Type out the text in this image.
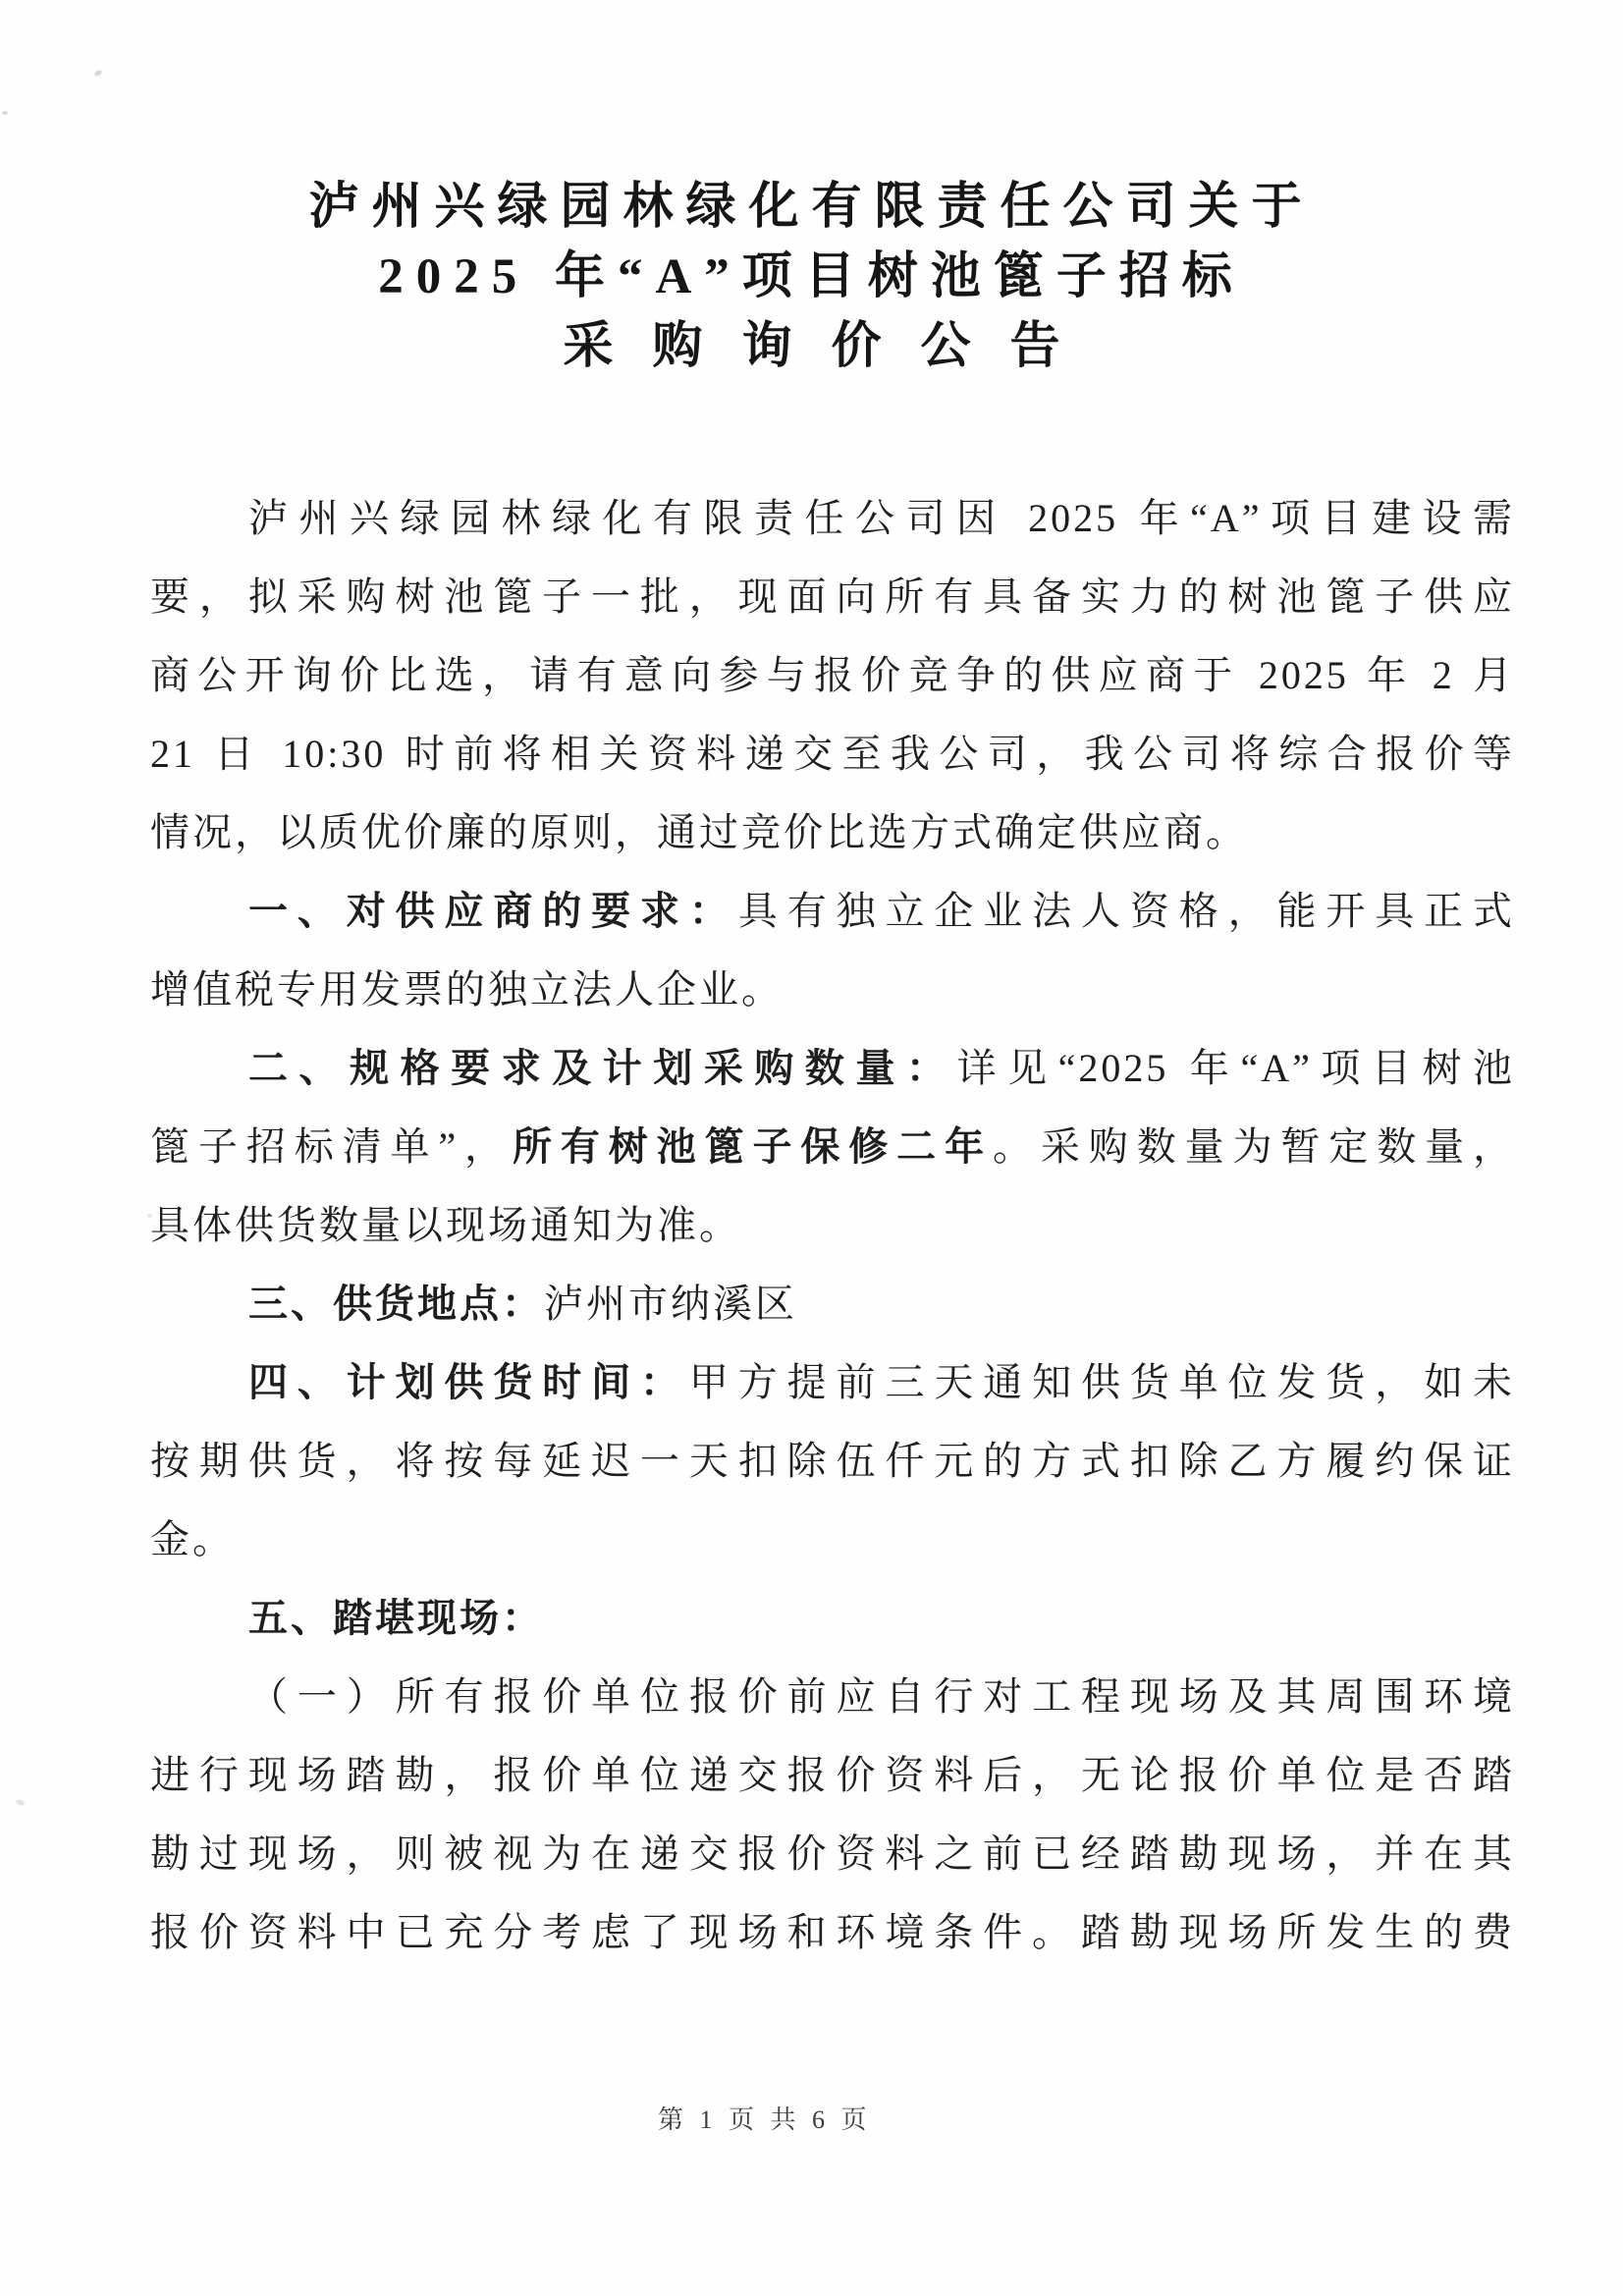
泸州兴绿园林绿化有限责任公司关于
2025 年“A”项目树池篦子招标
采购询价公告
泸州兴绿园林绿化有限责任公司因 2025 年“A”项目建设需
要，拟采购树池篦子一批，现面向所有具备实力的树池篦子供应
商公开询价比选，请有意向参与报价竞争的供应商于 2025 年 2 月
21 日 10:30 时前将相关资料递交至我公司，我公司将综合报价等
情况，以质优价廉的原则，通过竞价比选方式确定供应商。
一、对供应商的要求：具有独立企业法人资格，能开具正式
增值税专用发票的独立法人企业。
二、规格要求及计划采购数量：详见“2025 年“A”项目树池
篦子招标清单”，所有树池篦子保修二年。采购数量为暂定数量，
具体供货数量以现场通知为准。
三、供货地点：泸州市纳溪区
四、计划供货时间：甲方提前三天通知供货单位发货，如未
按期供货，将按每延迟一天扣除伍仟元的方式扣除乙方履约保证
金。
五、踏堪现场：
（一）所有报价单位报价前应自行对工程现场及其周围环境
进行现场踏勘，报价单位递交报价资料后，无论报价单位是否踏
勘过现场，则被视为在递交报价资料之前已经踏勘现场，并在其
报价资料中已充分考虑了现场和环境条件。踏勘现场所发生的费
第 1 页 共 6 页
